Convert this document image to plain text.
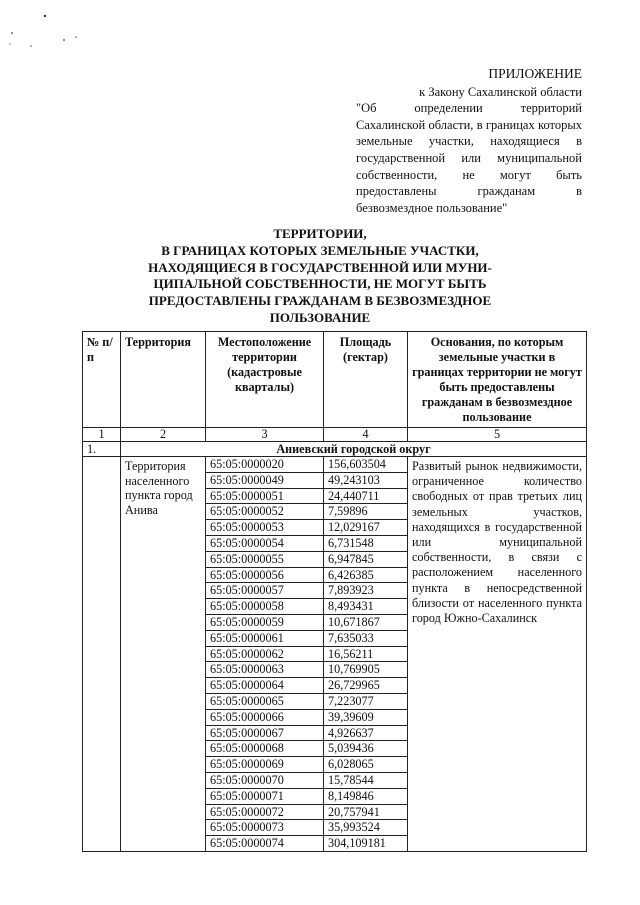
ПРИЛОЖЕНИЕ
к Закону Сахалинской области
"Об определении территорий Сахалинской области, в границах которых земельные участки, находящиеся в государственной или муниципальной собственности, не могут быть предоставлены гражданам в безвозмездное пользование"
ТЕРРИТОРИИ,
В ГРАНИЦАХ КОТОРЫХ ЗЕМЕЛЬНЫЕ УЧАСТКИ,
НАХОДЯЩИЕСЯ В ГОСУДАРСТВЕННОЙ ИЛИ МУНИ-
ЦИПАЛЬНОЙ СОБСТВЕННОСТИ, НЕ МОГУТ БЫТЬ
ПРЕДОСТАВЛЕНЫ ГРАЖДАНАМ В БЕЗВОЗМЕЗДНОЕ
ПОЛЬЗОВАНИЕ
№ п/п	Территория	Местоположение территории (кадастровые кварталы)	Площадь (гектар)	Основания, по которым земельные участки в границах территории не могут быть предоставлены гражданам в безвозмездное пользование
1	2	3	4	5
1.	Аниевский городской округ			
	Территория населенного пункта город Анива	65:05:0000020	156,603504	Развитый рынок недвижимости, ограниченное количество свободных от прав третьих лиц земельных участков, находящихся в государственной или муниципальной собственности, в связи с расположением населенного пункта в непосредственной близости от населенного пункта город Южно-Сахалинск
		65:05:0000049	49,243103	
		65:05:0000051	24,440711	
		65:05:0000052	7,59896	
		65:05:0000053	12,029167	
		65:05:0000054	6,731548	
		65:05:0000055	6,947845	
		65:05:0000056	6,426385	
		65:05:0000057	7,893923	
		65:05:0000058	8,493431	
		65:05:0000059	10,671867	
		65:05:0000061	7,635033	
		65:05:0000062	16,56211	
		65:05:0000063	10,769905	
		65:05:0000064	26,729965	
		65:05:0000065	7,223077	
		65:05:0000066	39,39609	
		65:05:0000067	4,926637	
		65:05:0000068	5,039436	
		65:05:0000069	6,028065	
		65:05:0000070	15,78544	
		65:05:0000071	8,149846	
		65:05:0000072	20,757941	
		65:05:0000073	35,993524	
		65:05:0000074	304,109181	
